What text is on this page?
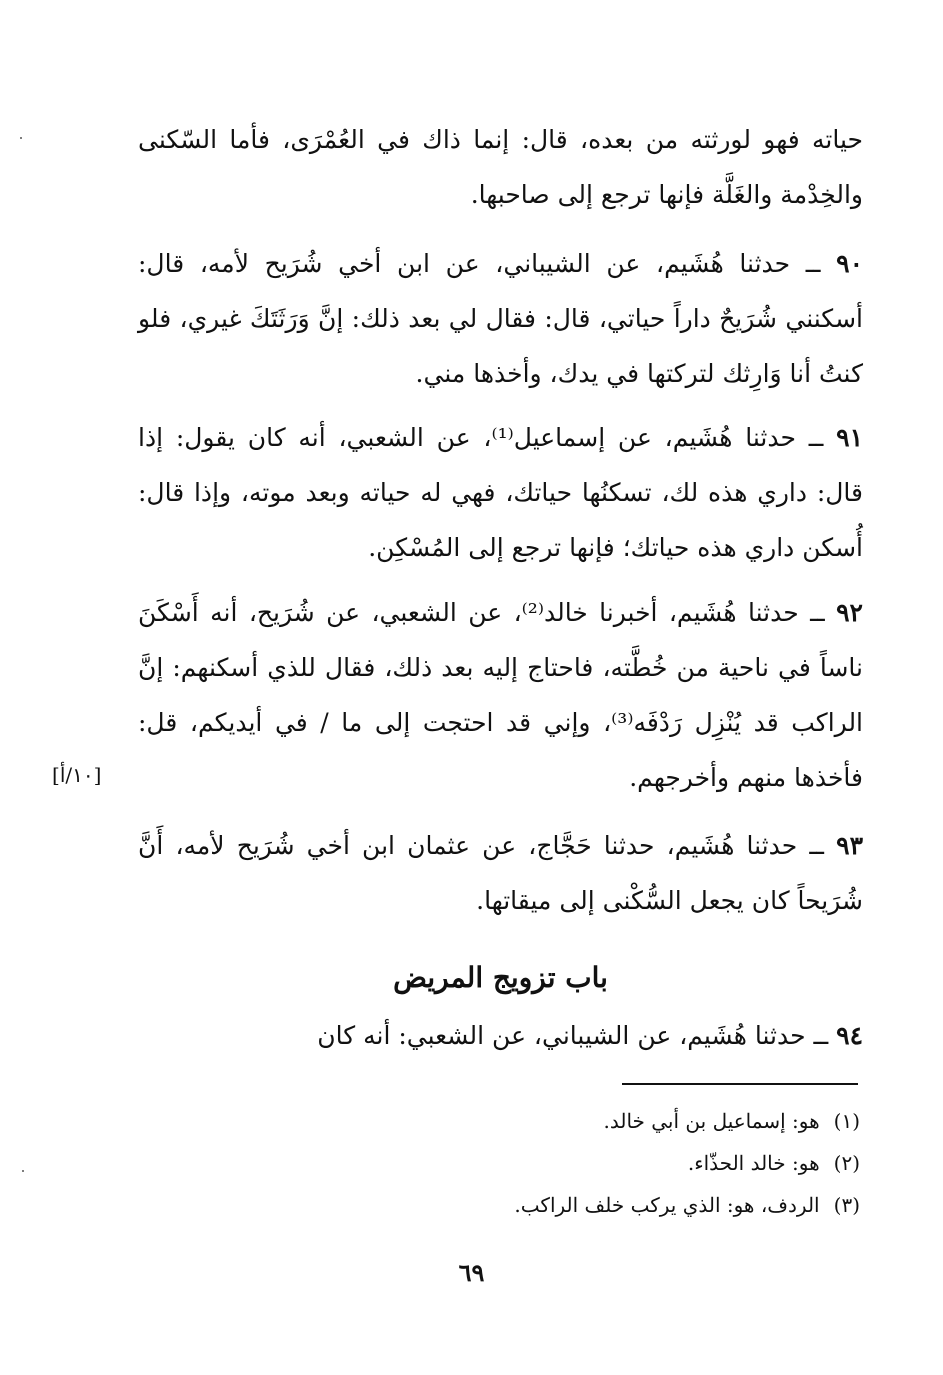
حياته فهو لورثته من بعده، قال: إنما ذاك في العُمْرَى، فأما السّكنى والخِدْمة والغَلَّة فإنها ترجع إلى صاحبها.

٩٠ ــ حدثنا هُشَيم، عن الشيباني، عن ابن أخي شُرَيح لأمه، قال: أسكنني شُرَيحٌ داراً حياتي، قال: فقال لي بعد ذلك: إنَّ وَرَثَتَكَ غيري، فلو كنتُ أنا وَارِثك لتركتها في يدك، وأخذها مني.

٩١ ــ حدثنا هُشَيم، عن إسماعيل⁽¹⁾، عن الشعبي، أنه كان يقول: إذا قال: داري هذه لك، تسكنُها حياتك، فهي له حياته وبعد موته، وإذا قال: أُسكن داري هذه حياتك؛ فإنها ترجع إلى المُسْكِن.

٩٢ ــ حدثنا هُشَيم، أخبرنا خالد⁽²⁾، عن الشعبي، عن شُرَيح، أنه أَسْكَنَ ناساً في ناحية من خُطَّته، فاحتاج إليه بعد ذلك، فقال للذي أسكنهم: إنَّ الراكب قد يُنْزِل رَدْفَه⁽³⁾، وإني قد احتجت إلى ما / في أيديكم، قل: فأخذها منهم وأخرجهم.

[١٠/أ]

٩٣ ــ حدثنا هُشَيم، حدثنا حَجَّاج، عن عثمان ابن أخي شُرَيح لأمه، أَنَّ شُرَيحاً كان يجعل السُّكْنى إلى ميقاتها.

باب تزويج المريض

٩٤ ــ حدثنا هُشَيم، عن الشيباني، عن الشعبي: أنه كان

(١)هو: إسماعيل بن أبي خالد.
(٢)هو: خالد الحذّاء.
(٣)الردف، هو: الذي يركب خلف الراكب.
٦٩
